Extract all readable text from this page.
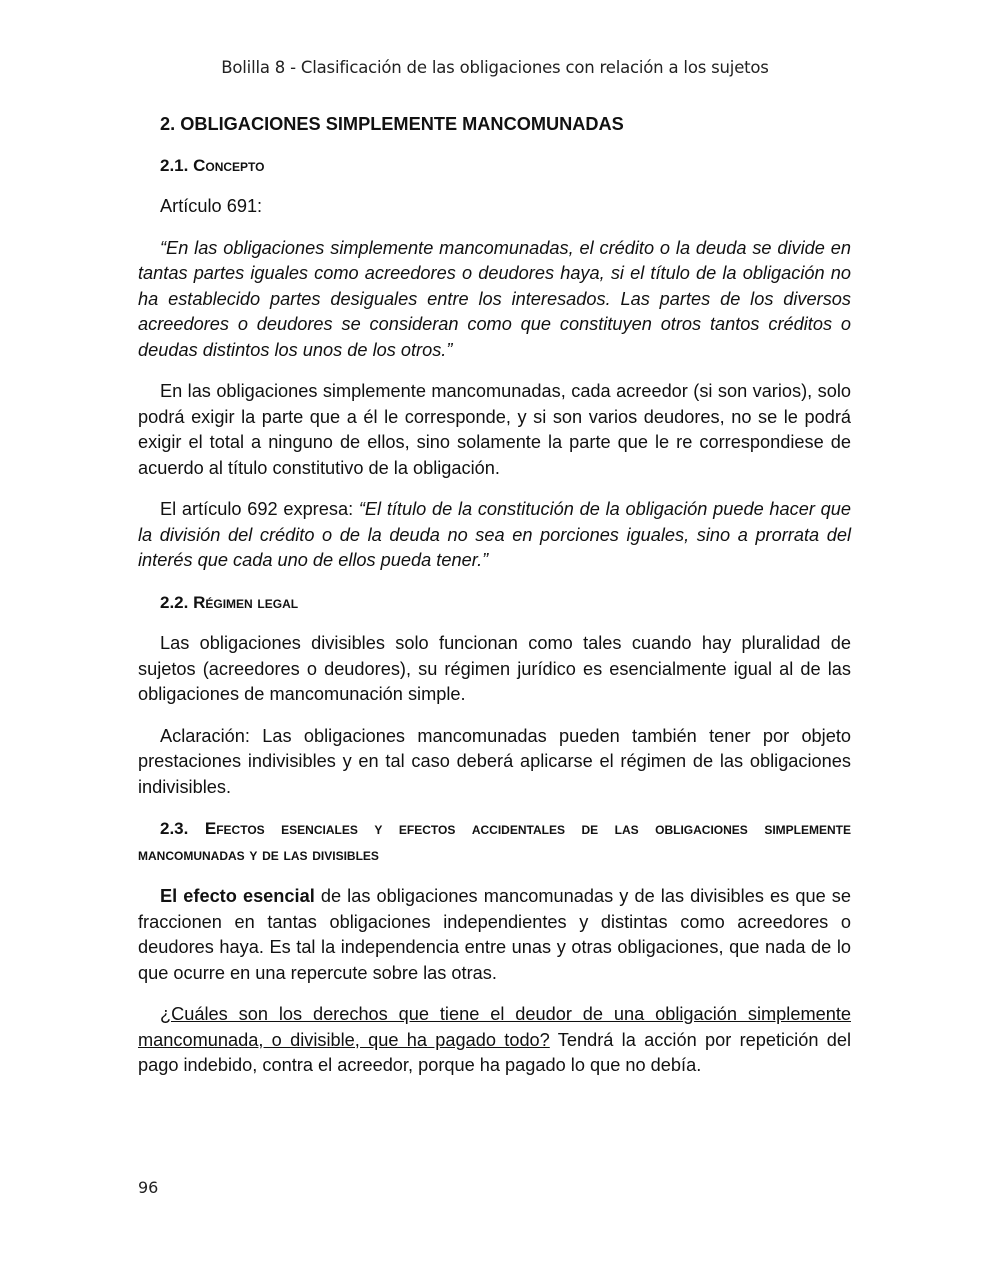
Bolilla 8 - Clasificación de las obligaciones con relación a los sujetos
2. OBLIGACIONES SIMPLEMENTE MANCOMUNADAS
2.1. Concepto

Artículo 691:

“En las obligaciones simplemente mancomunadas, el crédito o la deuda se divide en tantas partes iguales como acreedores o deudores haya, si el título de la obligación no ha establecido partes desiguales entre los interesados. Las partes de los diversos acreedores o deudores se consideran como que constituyen otros tantos créditos o deudas distintos los unos de los otros.”

En las obligaciones simplemente mancomunadas, cada acreedor (si son varios), solo podrá exigir la parte que a él le corresponde, y si son varios deudores, no se le podrá exigir el total a ninguno de ellos, sino solamente la parte que le re correspondiese de acuerdo al título constitutivo de la obligación.

El artículo 692 expresa: “El título de la constitución de la obligación puede hacer que la división del crédito o de la deuda no sea en porciones iguales, sino a prorrata del interés que cada uno de ellos pueda tener.”

2.2. Régimen legal

Las obligaciones divisibles solo funcionan como tales cuando hay pluralidad de sujetos (acreedores o deudores), su régimen jurídico es esencialmente igual al de las obligaciones de mancomunación simple.

Aclaración: Las obligaciones mancomunadas pueden también tener por objeto prestaciones indivisibles y en tal caso deberá aplicarse el régimen de las obligaciones indivisibles.

2.3. Efectos esenciales y efectos accidentales de las obligaciones simplemente mancomunadas y de las divisibles

El efecto esencial de las obligaciones mancomunadas y de las divisibles es que se fraccionen en tantas obligaciones independientes y distintas como acreedores o deudores haya. Es tal la independencia entre unas y otras obligaciones, que nada de lo que ocurre en una repercute sobre las otras.

¿Cuáles son los derechos que tiene el deudor de una obligación simplemente mancomunada, o divisible, que ha pagado todo? Tendrá la acción por repetición del pago indebido, contra el acreedor, porque ha pagado lo que no debía.

96
